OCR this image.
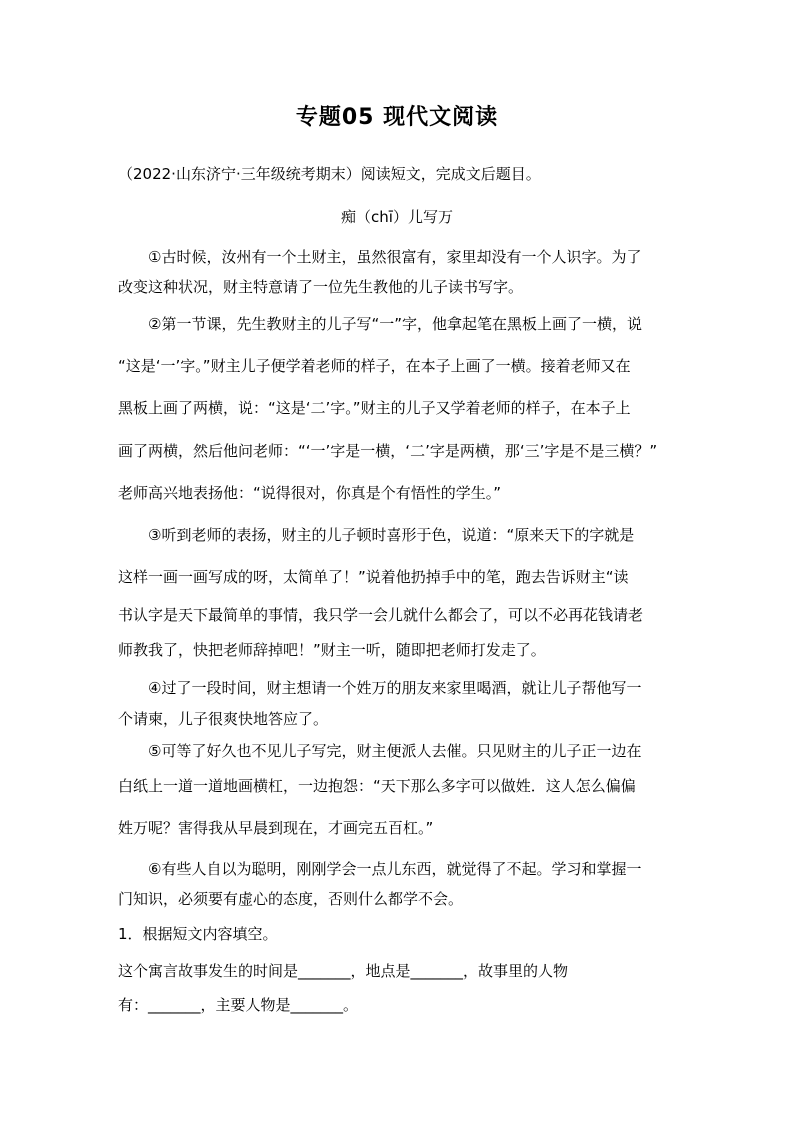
专题05 现代文阅读
（2022·山东济宁·三年级统考期末）阅读短文，完成文后题目。
痴（chī）儿写万
①古时候，汝州有一个土财主，虽然很富有，家里却没有一个人识字。为了
改变这种状况，财主特意请了一位先生教他的儿子读书写字。
②第一节课，先生教财主的儿子写“一”字，他拿起笔在黑板上画了一横，说
“这是‘一’字。”财主儿子便学着老师的样子，在本子上画了一横。接着老师又在
黑板上画了两横，说：“这是‘二’字。”财主的儿子又学着老师的样子，在本子上
画了两横，然后他问老师：“‘一’字是一横，‘二’字是两横，那‘三’字是不是三横？”
老师高兴地表扬他：“说得很对，你真是个有悟性的学生。”
③听到老师的表扬，财主的儿子顿时喜形于色，说道：“原来天下的字就是
这样一画一画写成的呀，太简单了！”说着他扔掉手中的笔，跑去告诉财主“读
书认字是天下最简单的事情，我只学一会儿就什么都会了，可以不必再花钱请老
师教我了，快把老师辞掉吧！”财主一听，随即把老师打发走了。
④过了一段时间，财主想请一个姓万的朋友来家里喝酒，就让儿子帮他写一
个请柬，儿子很爽快地答应了。
⑤可等了好久也不见儿子写完，财主便派人去催。只见财主的儿子正一边在
白纸上一道一道地画横杠，一边抱怨：“天下那么多字可以做姓．这人怎么偏偏
姓万呢？害得我从早晨到现在，才画完五百杠。”
⑥有些人自以为聪明，刚刚学会一点儿东西，就觉得了不起。学习和掌握一
门知识，必须要有虚心的态度，否则什么都学不会。
1．根据短文内容填空。
这个寓言故事发生的时间是_______，地点是_______，故事里的人物
有：_______，主要人物是_______。
